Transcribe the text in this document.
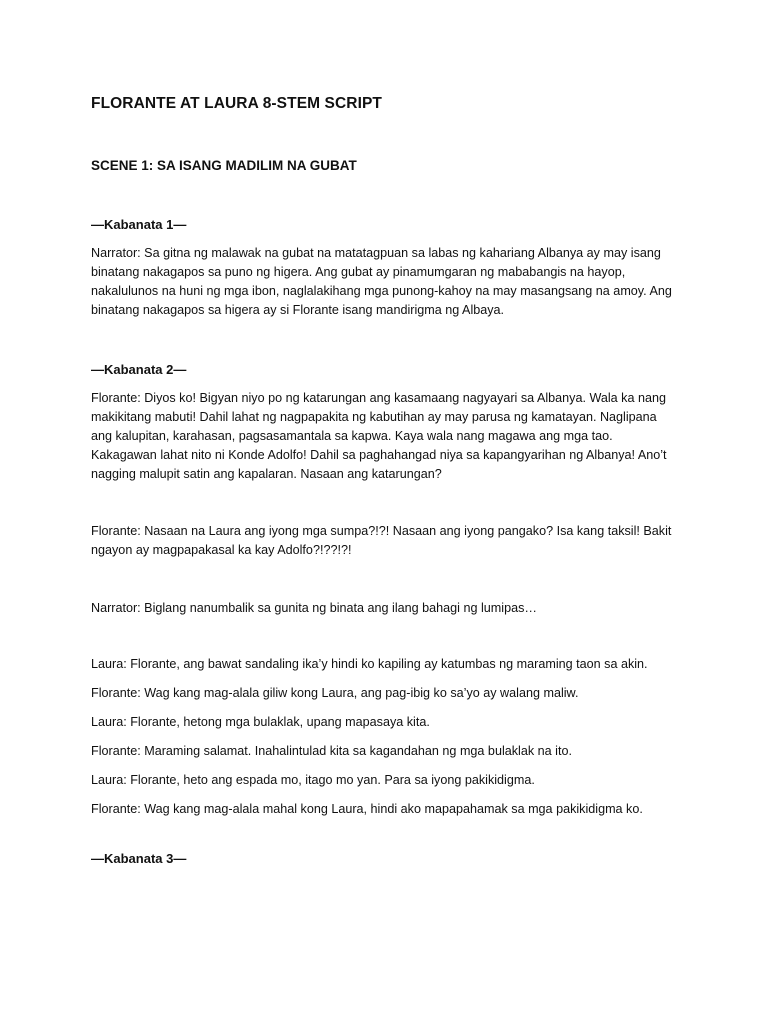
FLORANTE AT LAURA 8-STEM SCRIPT
SCENE 1: SA ISANG MADILIM NA GUBAT

—Kabanata 1—

Narrator: Sa gitna ng malawak na gubat na matatagpuan sa labas ng kahariang Albanya ay may isang binatang nakagapos sa puno ng higera. Ang gubat ay pinamumgaran ng mababangis na hayop, nakalulunos na huni ng mga ibon, naglalakihang mga punong-kahoy na may masangsang na amoy. Ang binatang nakagapos sa higera ay si Florante isang mandirigma ng Albaya.

—Kabanata 2—

Florante: Diyos ko! Bigyan niyo po ng katarungan ang kasamaang nagyayari sa Albanya. Wala ka nang makikitang mabuti! Dahil lahat ng nagpapakita ng kabutihan ay may parusa ng kamatayan. Naglipana ang kalupitan, karahasan, pagsasamantala sa kapwa. Kaya wala nang magawa ang mga tao. Kakagawan lahat nito ni Konde Adolfo! Dahil sa paghahangad niya sa kapangyarihan ng Albanya! Ano’t nagging malupit satin ang kapalaran. Nasaan ang katarungan?

Florante: Nasaan na Laura ang iyong mga sumpa?!?! Nasaan ang iyong pangako? Isa kang taksil! Bakit ngayon ay magpapakasal ka kay Adolfo?!??!?!

Narrator: Biglang nanumbalik sa gunita ng binata ang ilang bahagi ng lumipas…

Laura: Florante, ang bawat sandaling ika’y hindi ko kapiling ay katumbas ng maraming taon sa akin.

Florante: Wag kang mag-alala giliw kong Laura, ang pag-ibig ko sa’yo ay walang maliw.

Laura: Florante, hetong mga bulaklak, upang mapasaya kita.

Florante: Maraming salamat. Inahalintulad kita sa kagandahan ng mga bulaklak na ito.

Laura: Florante, heto ang espada mo, itago mo yan. Para sa iyong pakikidigma.

Florante: Wag kang mag-alala mahal kong Laura, hindi ako mapapahamak sa mga pakikidigma ko.

—Kabanata 3—
